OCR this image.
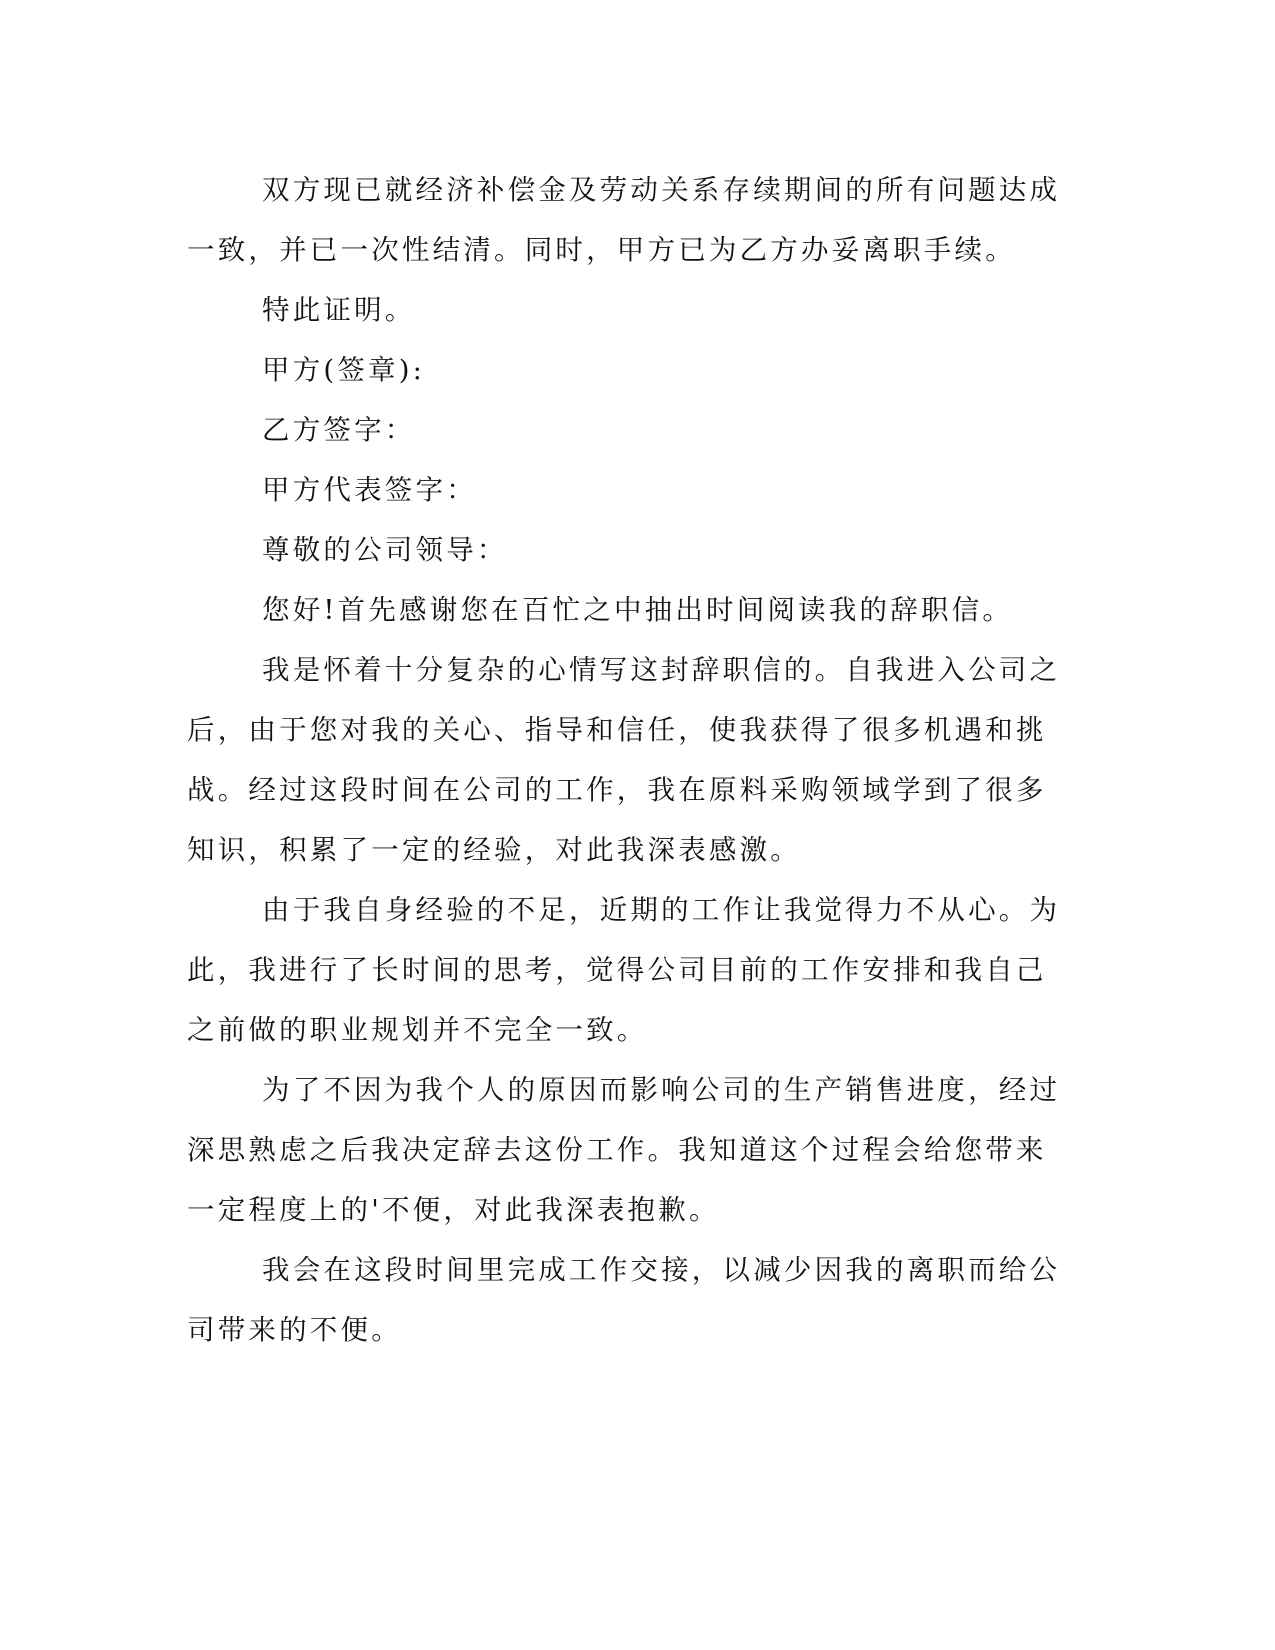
双方现已就经济补偿金及劳动关系存续期间的所有问题达成一致，并已一次性结清。同时，甲方已为乙方办妥离职手续。

特此证明。

甲方(签章):

乙方签字：

甲方代表签字：

尊敬的公司领导：

您好!首先感谢您在百忙之中抽出时间阅读我的辞职信。

我是怀着十分复杂的心情写这封辞职信的。自我进入公司之后，由于您对我的关心、指导和信任，使我获得了很多机遇和挑战。经过这段时间在公司的工作，我在原料采购领域学到了很多知识，积累了一定的经验，对此我深表感激。

由于我自身经验的不足，近期的工作让我觉得力不从心。为此，我进行了长时间的思考，觉得公司目前的工作安排和我自己之前做的职业规划并不完全一致。

为了不因为我个人的原因而影响公司的生产销售进度，经过深思熟虑之后我决定辞去这份工作。我知道这个过程会给您带来一定程度上的'不便，对此我深表抱歉。

我会在这段时间里完成工作交接，以减少因我的离职而给公司带来的不便。
